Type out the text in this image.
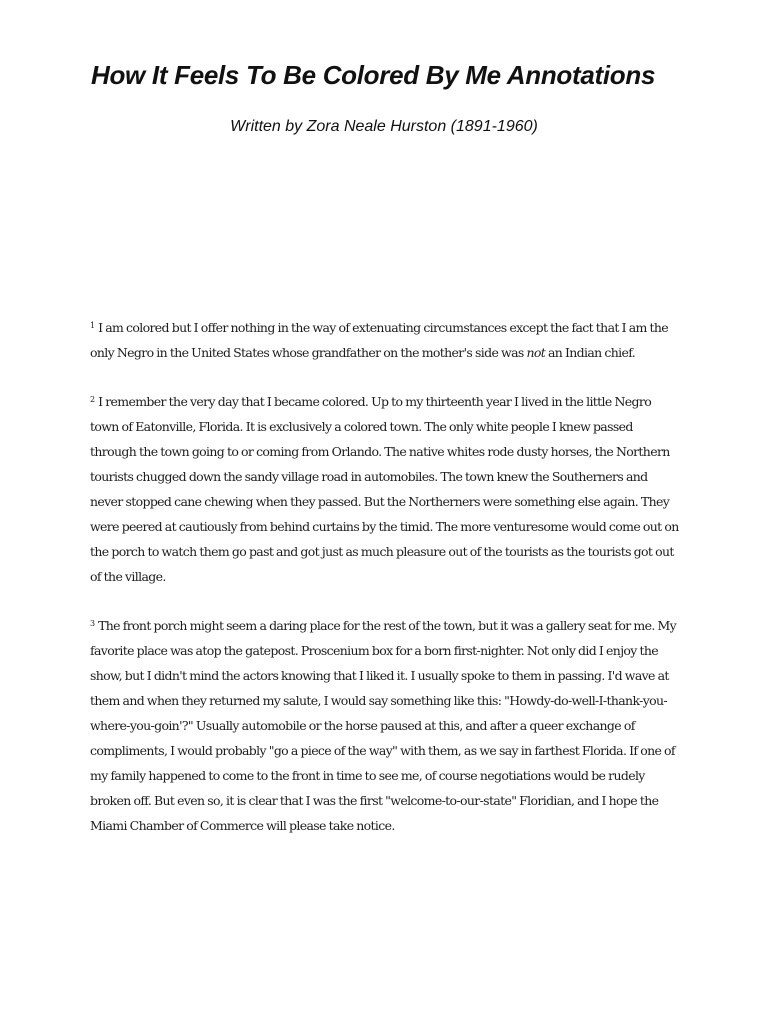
How It Feels To Be Colored By Me Annotations

Written by Zora Neale Hurston (1891-1960)

$^1$ I am colored but I offer nothing in the way of extenuating circumstances except the fact that I am the only Negro in the United States whose grandfather on the mother's side was not an Indian chief.

$^2$ I remember the very day that I became colored. Up to my thirteenth year I lived in the little Negro town of Eatonville, Florida. It is exclusively a colored town. The only white people I knew passed through the town going to or coming from Orlando. The native whites rode dusty horses, the Northern tourists chugged down the sandy village road in automobiles. The town knew the Southerners and never stopped cane chewing when they passed. But the Northerners were something else again. They were peered at cautiously from behind curtains by the timid. The more venturesome would come out on the porch to watch them go past and got just as much pleasure out of the tourists as the tourists got out of the village.

$^3$ The front porch might seem a daring place for the rest of the town, but it was a gallery seat for me. My favorite place was atop the gatepost. Proscenium box for a born first-nighter. Not only did I enjoy the show, but I didn't mind the actors knowing that I liked it. I usually spoke to them in passing. I'd wave at them and when they returned my salute, I would say something like this: "Howdy-do-well-I-thank-you-where-you-goin'?" Usually automobile or the horse paused at this, and after a queer exchange of compliments, I would probably "go a piece of the way" with them, as we say in farthest Florida. If one of my family happened to come to the front in time to see me, of course negotiations would be rudely broken off. But even so, it is clear that I was the first "welcome-to-our-state" Floridian, and I hope the Miami Chamber of Commerce will please take notice.
